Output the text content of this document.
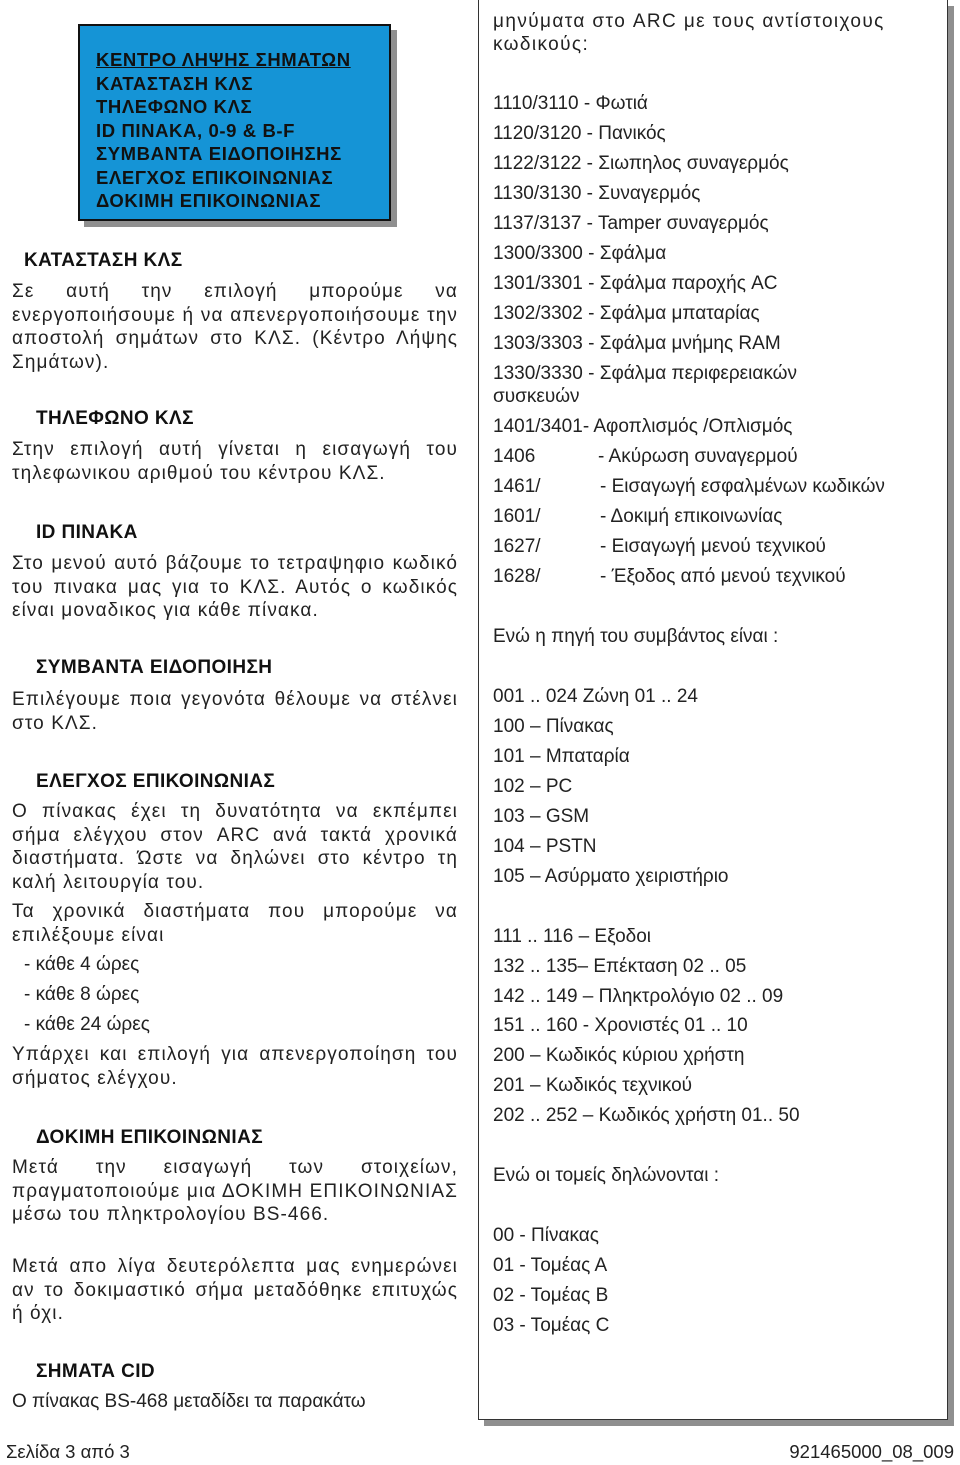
ΚΕΝΤΡΟ ΛΗΨΗΣ ΣΗΜΑΤΩΝ
ΚΑΤΑΣΤΑΣΗ ΚΛΣ
ΤΗΛΕΦΩΝΟ ΚΛΣ
ID ΠΙΝΑΚΑ, 0-9 & B-F
ΣΥΜΒΑΝΤΑ ΕΙΔΟΠΟΙΗΣΗΣ
ΕΛΕΓΧΟΣ ΕΠΙΚΟΙΝΩΝΙΑΣ
ΔΟΚΙΜΗ ΕΠΙΚΟΙΝΩΝΙΑΣ
ΚΑΤΑΣΤΑΣΗ ΚΛΣ
Σε αυτή την επιλογή μπορούμε να ενεργοποιήσουμε ή να απενεργοποιήσουμε την αποστολή σημάτων στο ΚΛΣ. (Κέντρο Λήψης Σημάτων).
ΤΗΛΕΦΩΝΟ ΚΛΣ
Στην επιλογή αυτή γίνεται η εισαγωγή του τηλεφωνικου αριθμού του κέντρου ΚΛΣ.
ID ΠΙΝΑΚΑ
Στο μενού αυτό βάζουμε το τετραψηφιο κωδικό του πινακα μας για το ΚΛΣ. Αυτός ο κωδικός είναι μοναδικος για κάθε πίνακα.
ΣΥΜΒΑΝΤΑ ΕΙΔΟΠΟΙΗΣΗ
Επιλέγουμε ποια γεγονότα θέλουμε να στέλνει στο ΚΛΣ.
ΕΛΕΓΧΟΣ ΕΠΙΚΟΙΝΩΝΙΑΣ
Ο πίνακας έχει τη δυνατότητα να εκπέμπει σήμα ελέγχου στον ARC ανά τακτά χρονικά διαστήματα. Ώστε να δηλώνει στο κέντρο τη καλή λειτουργία του.
Τα χρονικά διαστήματα που μπορούμε να επιλέξουμε είναι
- κάθε 4 ώρες
- κάθε 8 ώρες
- κάθε 24 ώρες
Υπάρχει και επιλογή για απενεργοποίηση του σήματος ελέγχου.
ΔΟΚΙΜΗ ΕΠΙΚΟΙΝΩΝΙΑΣ
Μετά την εισαγωγή των στοιχείων, πραγματοποιούμε μια ΔΟΚΙΜΗ ΕΠΙΚΟΙΝΩΝΙΑΣ μέσω του πληκτρολογίου BS-466.
Μετά απο λίγα δευτερόλεπτα μας ενημερώνει αν το δοκιμαστικό σήμα μεταδόθηκε επιτυχώς ή όχι.
ΣΗΜΑΤΑ CID
Ο πίνακας BS-468 μεταδίδει τα παρακάτω
μηνύματα στο ARC με τους αντίστοιχους κωδικούς:
1110/3110 - Φωτιά
1120/3120 - Πανικός
1122/3122 - Σιωπηλος συναγερμός
1130/3130 - Συναγερμός
1137/3137 - Tamper συναγερμός
1300/3300 - Σφάλμα
1301/3301 - Σφάλμα παροχής AC
1302/3302 - Σφάλμα μπαταρίας
1303/3303 - Σφάλμα μνήμης RAM
1330/3330 - Σφάλμα περιφερειακών
συσκευών
1401/3401- Αφοπλισμός /Οπλισμός
1406	- Ακύρωση συναγερμού
1461/	- Εισαγωγή εσφαλμένων κωδικών
1601/	- Δοκιμή επικοινωνίας
1627/	- Εισαγωγή μενού τεχνικού
1628/	- Έξοδος από μενού τεχνικού
Ενώ η πηγή του συμβάντος είναι :
001 .. 024 Ζώνη 01 .. 24
100 – Πίνακας
101 – Μπαταρία
102 – PC
103 – GSM
104 – PSTN
105 – Ασύρματο χειριστήριο
111 .. 116 – Εξοδοι
132 .. 135– Επέκταση 02 .. 05
142 .. 149 – Πληκτρολόγιο 02 .. 09
151 .. 160 - Χρονιστές 01 .. 10
200 – Κωδικός κύριου χρήστη
201 – Κωδικός τεχνικού
202 .. 252 – Κωδικός χρήστη 01.. 50
Ενώ οι τομείς δηλώνονται :
00 - Πίνακας
01 - Τομέας Α
02 - Τομέας Β
03 - Τομέας C
Σελίδα 3 από 3	921465000_08_009
